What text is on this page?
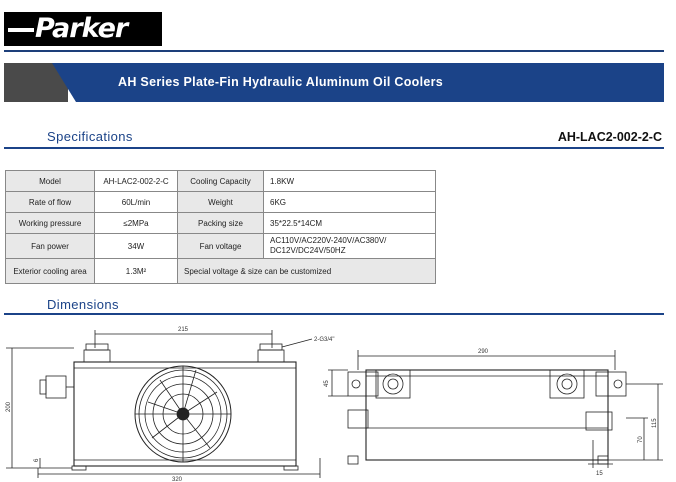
Parker
AH Series Plate-Fin Hydraulic Aluminum Oil Coolers
Specifications	AH-LAC2-002-2-C
Model	AH-LAC2-002-2-C	Cooling Capacity	1.8KW
Rate of flow	60L/min	Weight	6KG
Working pressure	≤2MPa	Packing size	35*22.5*14CM
Fan power	34W	Fan voltage	AC110V/AC220V-240V/AC380V/
DC12V/DC24V/50HZ
Exterior cooling area	1.3M²	Special voltage & size can be customized	
Dimensions
215
2-G3/4"
200
6
320
290
45
70
115
15
